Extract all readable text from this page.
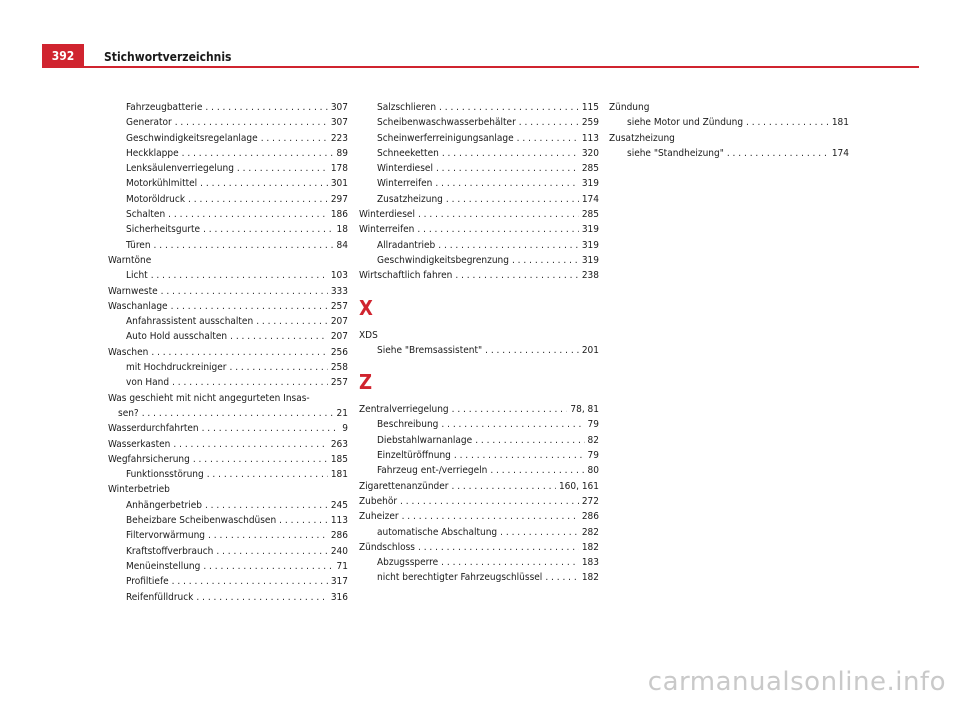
392	Stichwortverzeichnis
Fahrzeugbatterie . . .	307
Generator . . .	307
Geschwindigkeitsregelanlage . . .	223
Heckklappe . . .	89
Lenksäulenverriegelung . . .	178
Motorkühlmittel . . .	301
Motoröldruck . . .	297
Schalten . . .	186
Sicherheitsgurte . . .	18
Türen . . .	84
Warntöne
Licht . . .	103
Warnweste . . .	333
Waschanlage . . .	257
Anfahrassistent ausschalten . . .	207
Auto Hold ausschalten . . .	207
Waschen . . .	256
mit Hochdruckreiniger . . .	258
von Hand . . .	257
Was geschieht mit nicht angegurteten Insas-
sen? . . .	21
Wasserdurchfahrten . . .	9
Wasserkasten . . .	263
Wegfahrsicherung . . .	185
Funktionsstörung . . .	181
Winterbetrieb
Anhängerbetrieb . . .	245
Beheizbare Scheibenwaschdüsen . . .	113
Filtervorwärmung . . .	286
Kraftstoffverbrauch . . .	240
Menüeinstellung . . .	71
Profiltiefe . . .	317
Reifenfülldruck . . .	316
Salzschlieren . . .	115
Scheibenwaschwasserbehälter . . .	259
Scheinwerferreinigungsanlage . . .	113
Schneeketten . . .	320
Winterdiesel . . .	285
Winterreifen . . .	319
Zusatzheizung . . .	174
Winterdiesel . . .	285
Winterreifen . . .	319
Allradantrieb . . .	319
Geschwindigkeitsbegrenzung . . .	319
Wirtschaftlich fahren . . .	238
X
XDS
Siehe "Bremsassistent" . . .	201
Z
Zentralverriegelung . . .	78, 81
Beschreibung . . .	79
Diebstahlwarnanlage . . .	82
Einzeltüröffnung . . .	79
Fahrzeug ent-/verriegeln . . .	80
Zigarettenanzünder . . .	160, 161
Zubehör . . .	272
Zuheizer . . .	286
automatische Abschaltung . . .	282
Zündschloss . . .	182
Abzugssperre . . .	183
nicht berechtigter Fahrzeugschlüssel . . .	182
Zündung
siehe Motor und Zündung . . .	181
Zusatzheizung
siehe "Standheizung" . . .	174
carmanualsonline.info
